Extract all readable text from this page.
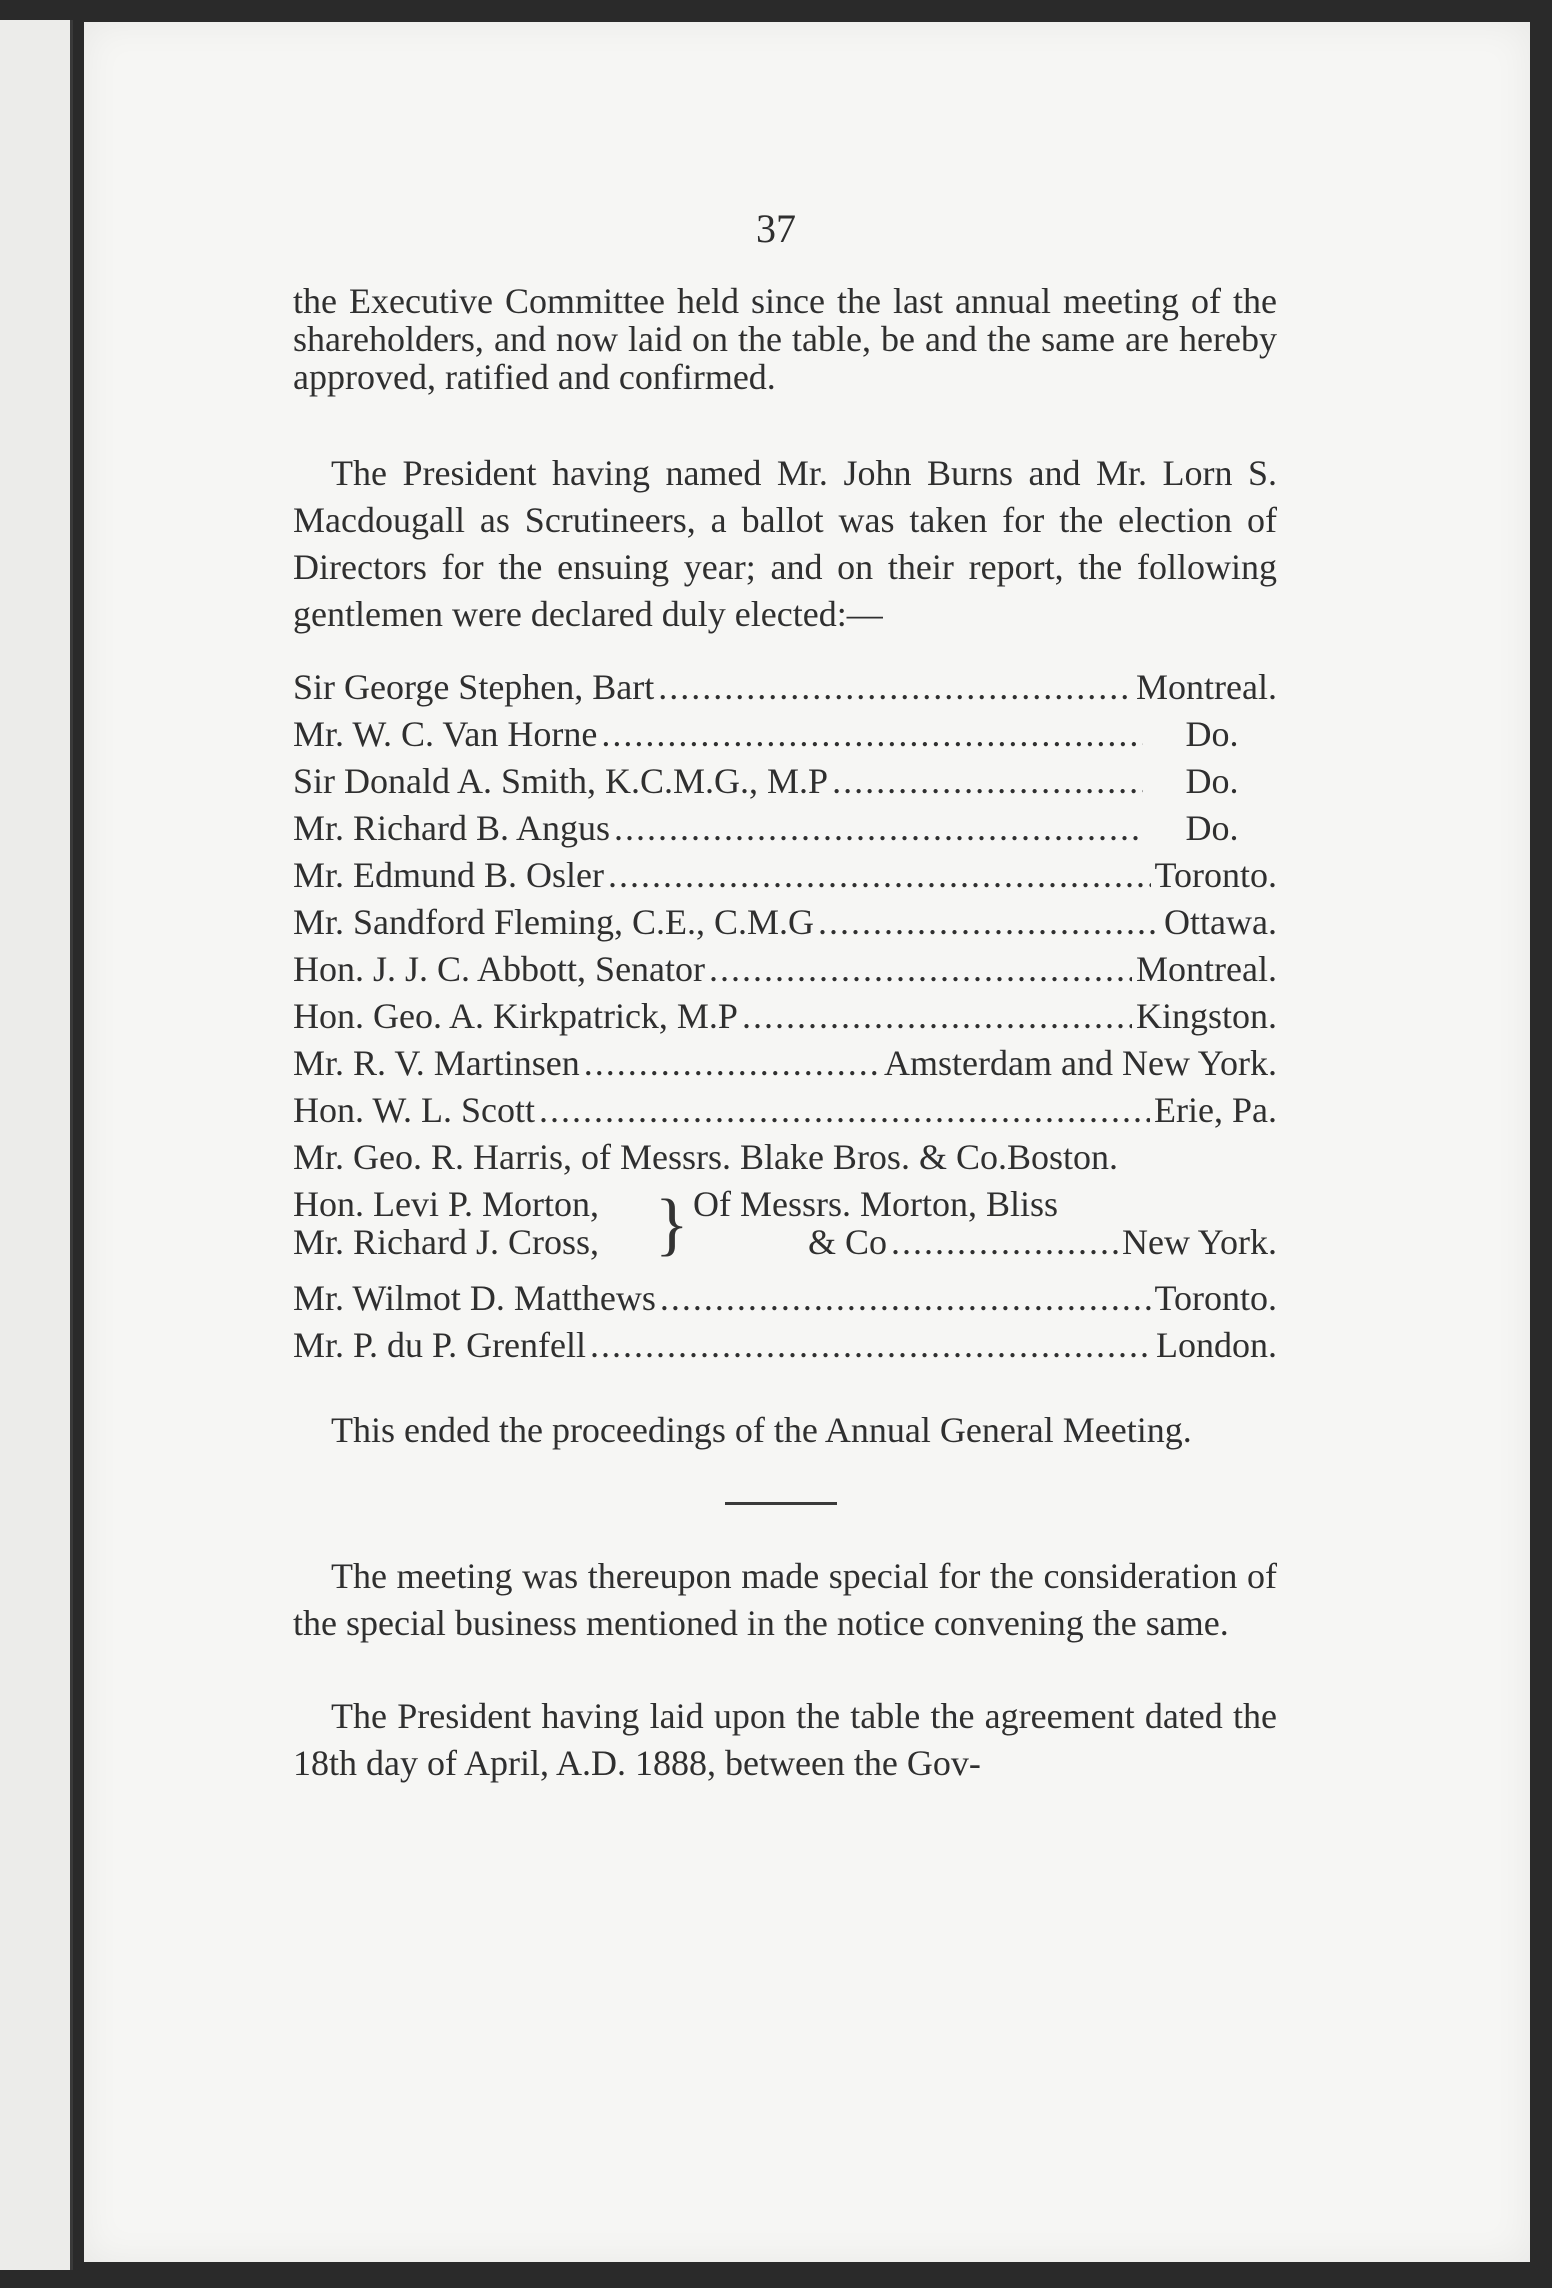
37

the Executive Committee held since the last annual meeting of the shareholders, and now laid on the table, be and the same are hereby approved, ratified and confirmed.

The President having named Mr. John Burns and Mr. Lorn S. Macdougall as Scrutineers, a ballot was taken for the election of Directors for the ensuing year; and on their report, the following gentlemen were declared duly elected:—

Sir George Stephen, Bart .....	Montreal.
Mr. W. C. Van Horne .....	Do.
Sir Donald A. Smith, K.C.M.G., M.P .....	Do.
Mr. Richard B. Angus .....	Do.
Mr. Edmund B. Osler .....	Toronto.
Mr. Sandford Fleming, C.E., C.M.G .....	Ottawa.
Hon. J. J. C. Abbott, Senator .....	Montreal.
Hon. Geo. A. Kirkpatrick, M.P .....	Kingston.
Mr. R. V. Martinsen .....	Amsterdam and New York.
Hon. W. L. Scott .....	Erie, Pa.
Mr. Geo. R. Harris, of Messrs. Blake Bros. & Co. Boston.
Hon. Levi P. Morton,
Mr. Richard J. Cross, } Of Messrs. Morton, Bliss
& Co .....	New York.
Mr. Wilmot D. Matthews .....	Toronto.
Mr. P. du P. Grenfell .....	London.

This ended the proceedings of the Annual General Meeting.

The meeting was thereupon made special for the consideration of the special business mentioned in the notice convening the same.

The President having laid upon the table the agreement dated the 18th day of April, A.D. 1888, between the Gov-
